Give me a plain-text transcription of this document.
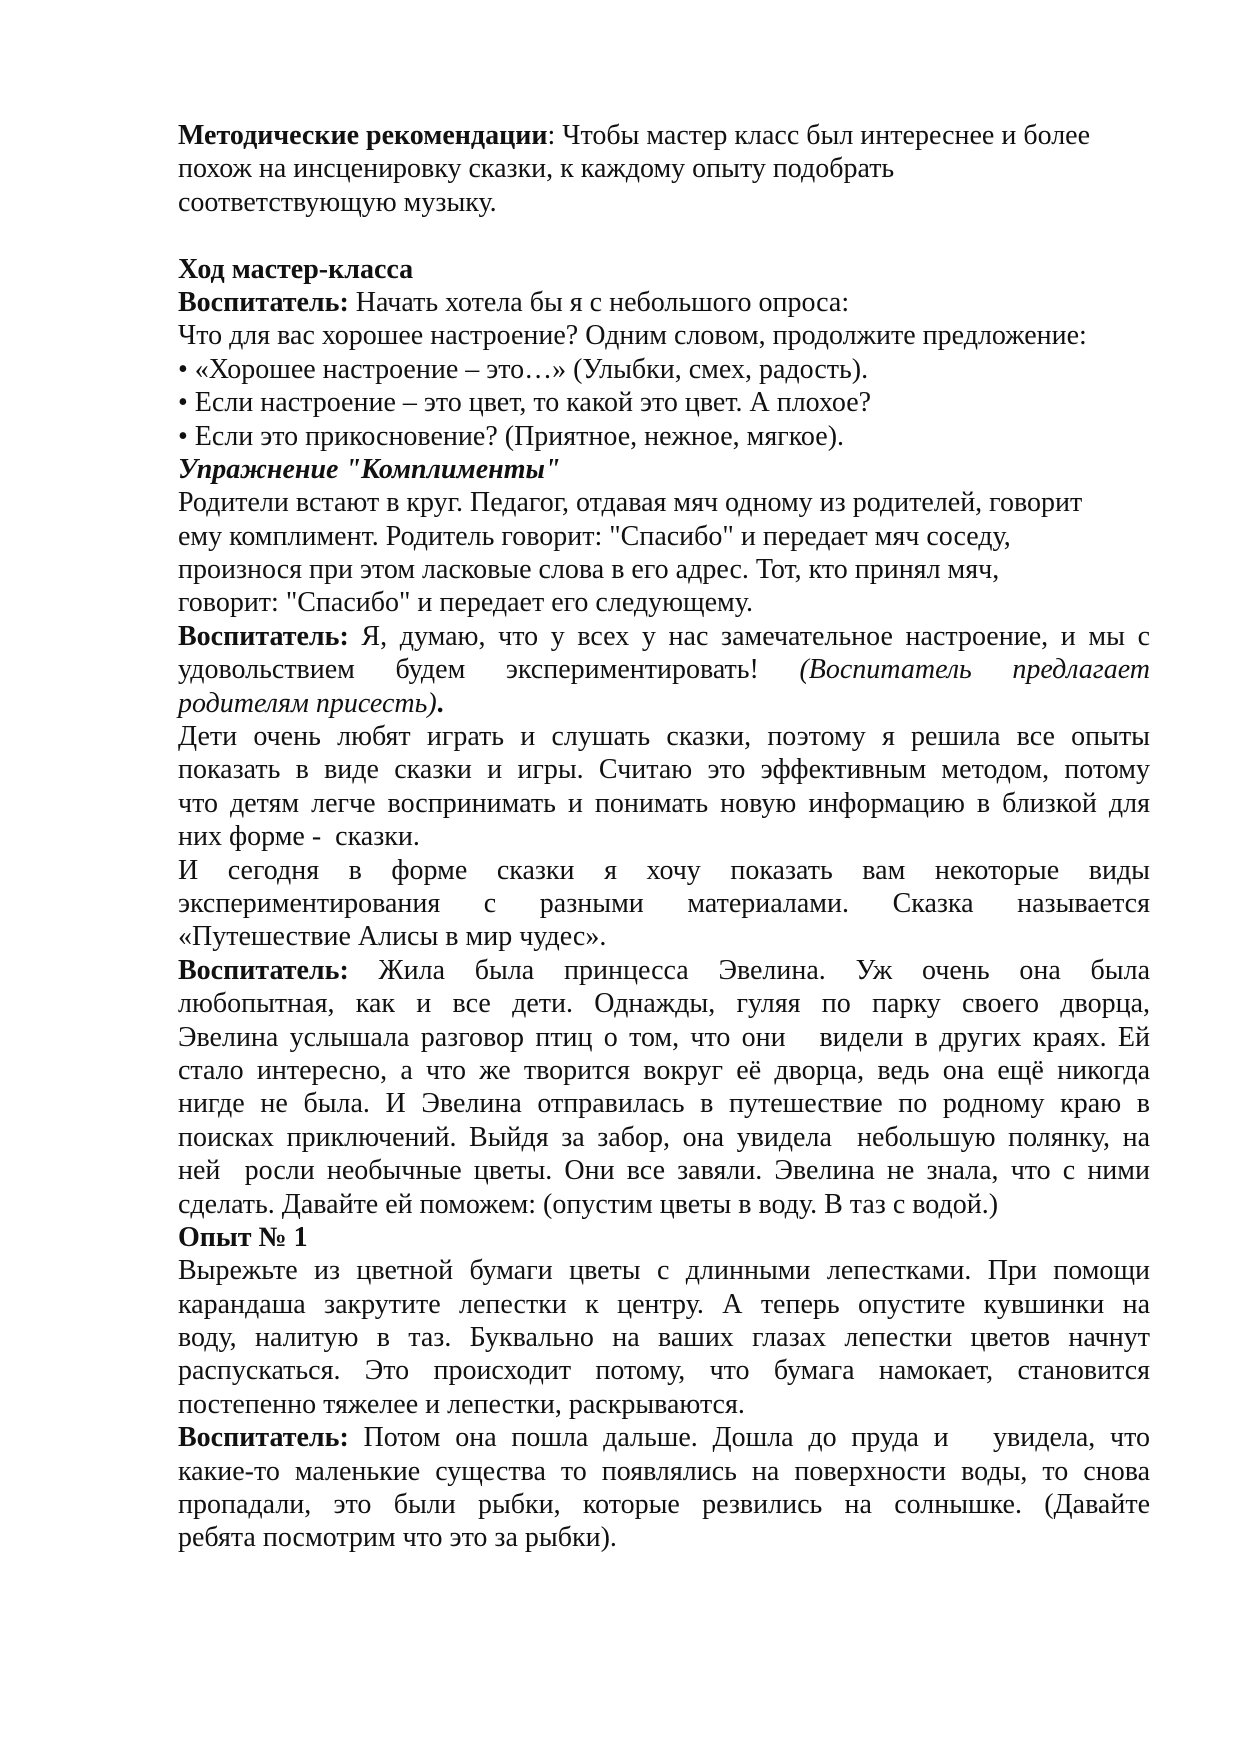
Методические рекомендации: Чтобы мастер класс был интереснее и более
похож на инсценировку сказки, к каждому опыту подобрать
соответствующую музыку.
Ход мастер-класса
Воспитатель: Начать хотела бы я с небольшого опроса:
Что для вас хорошее настроение? Одним словом, продолжите предложение:
• «Хорошее настроение – это…» (Улыбки, смех, радость).
• Если настроение – это цвет, то какой это цвет. А плохое?
• Если это прикосновение? (Приятное, нежное, мягкое).
Упражнение "Комплименты"
Родители встают в круг. Педагог, отдавая мяч одному из родителей, говорит
ему комплимент. Родитель говорит: "Спасибо" и передает мяч соседу,
произнося при этом ласковые слова в его адрес. Тот, кто принял мяч,
говорит: "Спасибо" и передает его следующему.
Воспитатель: Я, думаю, что у всех у нас замечательное настроение, и мы с
удовольствием будем экспериментировать! (Воспитатель предлагает
родителям присесть).
Дети очень любят играть и слушать сказки, поэтому я решила все опыты
показать в виде сказки и игры. Считаю это эффективным методом, потому
что детям легче воспринимать и понимать новую информацию в близкой для
них форме -  сказки.
И сегодня в форме сказки я хочу показать вам некоторые виды
экспериментирования с разными материалами. Сказка называется
«Путешествие Алисы в мир чудес».
Воспитатель: Жила была принцесса Эвелина. Уж очень она была
любопытная, как и все дети. Однажды, гуляя по парку своего дворца,
Эвелина услышала разговор птиц о том, что они   видели в других краях. Ей
стало интересно, а что же творится вокруг её дворца, ведь она ещё никогда
нигде не была. И Эвелина отправилась в путешествие по родному краю в
поисках приключений. Выйдя за забор, она увидела  небольшую полянку, на
ней  росли необычные цветы. Они все завяли. Эвелина не знала, что с ними
сделать. Давайте ей поможем: (опустим цветы в воду. В таз с водой.)
Опыт № 1
Вырежьте из цветной бумаги цветы с длинными лепестками. При помощи
карандаша закрутите лепестки к центру. А теперь опустите кувшинки на
воду, налитую в таз. Буквально на ваших глазах лепестки цветов начнут
распускаться. Это происходит потому, что бумага намокает, становится
постепенно тяжелее и лепестки, раскрываются.
Воспитатель: Потом она пошла дальше. Дошла до пруда и   увидела, что
какие-то маленькие существа то появлялись на поверхности воды, то снова
пропадали, это были рыбки, которые резвились на солнышке. (Давайте
ребята посмотрим что это за рыбки).
